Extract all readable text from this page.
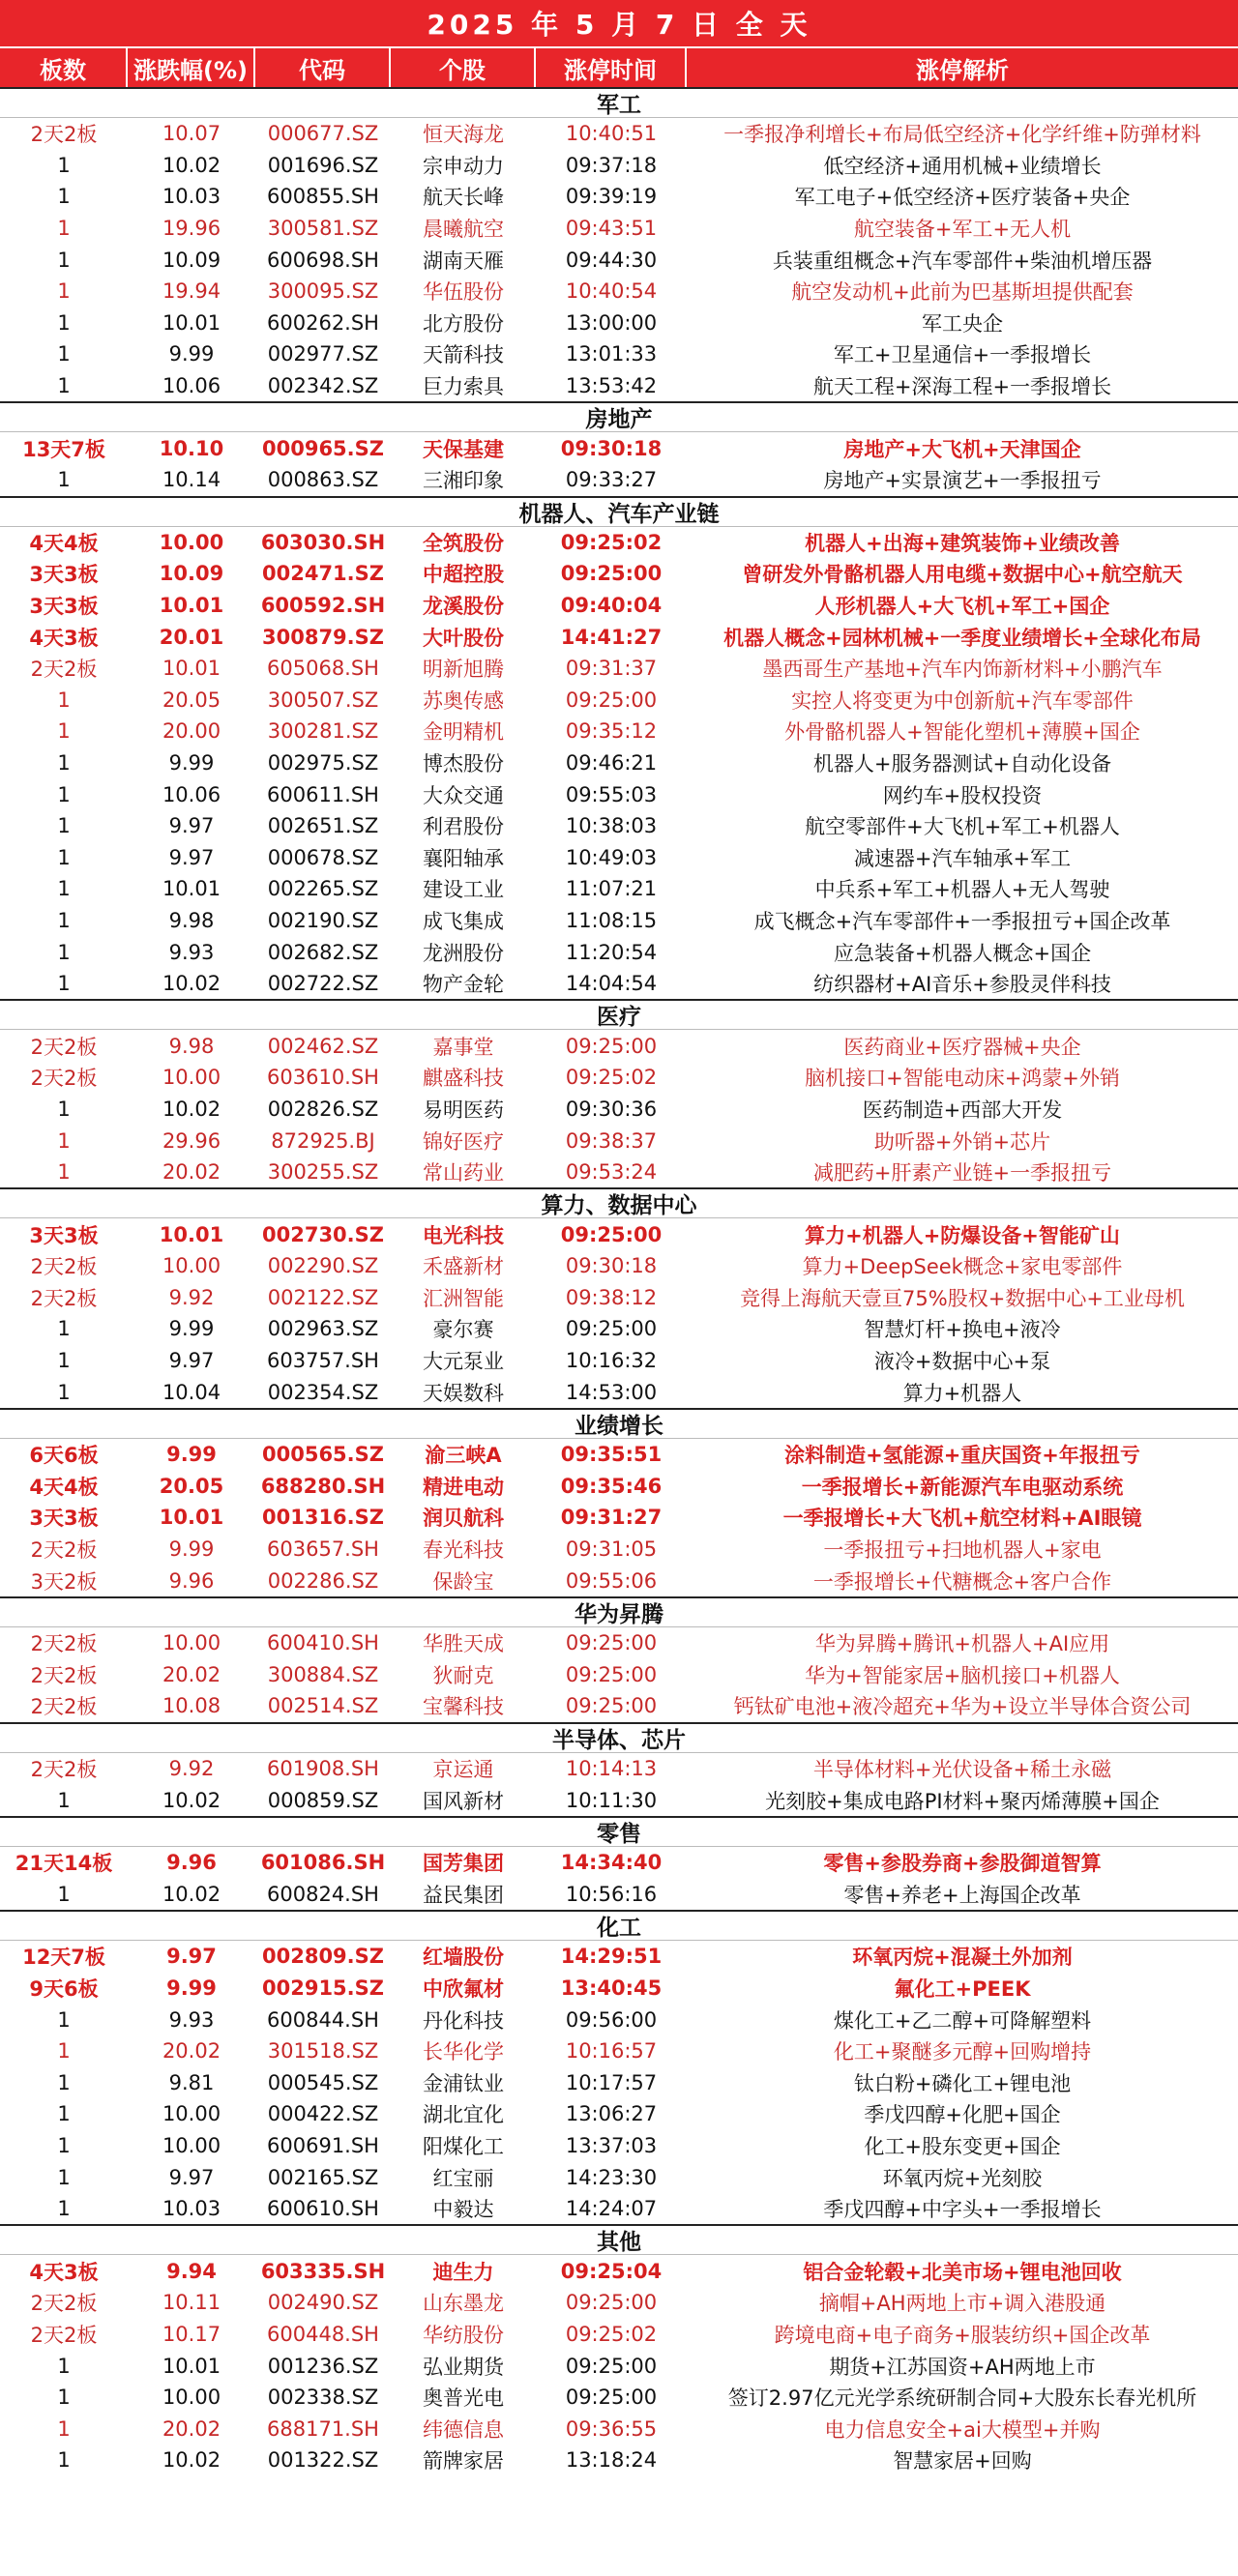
2025 年 5 月 7 日 全 天
板数	涨跌幅(%)	代码	个股	涨停时间	涨停解析
军工
2天2板	10.07	000677.SZ	恒天海龙	10:40:51	一季报净利增长+布局低空经济+化学纤维+防弹材料
1	10.02	001696.SZ	宗申动力	09:37:18	低空经济+通用机械+业绩增长
1	10.03	600855.SH	航天长峰	09:39:19	军工电子+低空经济+医疗装备+央企
1	19.96	300581.SZ	晨曦航空	09:43:51	航空装备+军工+无人机
1	10.09	600698.SH	湖南天雁	09:44:30	兵装重组概念+汽车零部件+柴油机增压器
1	19.94	300095.SZ	华伍股份	10:40:54	航空发动机+此前为巴基斯坦提供配套
1	10.01	600262.SH	北方股份	13:00:00	军工央企
1	9.99	002977.SZ	天箭科技	13:01:33	军工+卫星通信+一季报增长
1	10.06	002342.SZ	巨力索具	13:53:42	航天工程+深海工程+一季报增长
房地产
13天7板	10.10	000965.SZ	天保基建	09:30:18	房地产+大飞机+天津国企
1	10.14	000863.SZ	三湘印象	09:33:27	房地产+实景演艺+一季报扭亏
机器人、汽车产业链
4天4板	10.00	603030.SH	全筑股份	09:25:02	机器人+出海+建筑装饰+业绩改善
3天3板	10.09	002471.SZ	中超控股	09:25:00	曾研发外骨骼机器人用电缆+数据中心+航空航天
3天3板	10.01	600592.SH	龙溪股份	09:40:04	人形机器人+大飞机+军工+国企
4天3板	20.01	300879.SZ	大叶股份	14:41:27	机器人概念+园林机械+一季度业绩增长+全球化布局
2天2板	10.01	605068.SH	明新旭腾	09:31:37	墨西哥生产基地+汽车内饰新材料+小鹏汽车
1	20.05	300507.SZ	苏奥传感	09:25:00	实控人将变更为中创新航+汽车零部件
1	20.00	300281.SZ	金明精机	09:35:12	外骨骼机器人+智能化塑机+薄膜+国企
1	9.99	002975.SZ	博杰股份	09:46:21	机器人+服务器测试+自动化设备
1	10.06	600611.SH	大众交通	09:55:03	网约车+股权投资
1	9.97	002651.SZ	利君股份	10:38:03	航空零部件+大飞机+军工+机器人
1	9.97	000678.SZ	襄阳轴承	10:49:03	减速器+汽车轴承+军工
1	10.01	002265.SZ	建设工业	11:07:21	中兵系+军工+机器人+无人驾驶
1	9.98	002190.SZ	成飞集成	11:08:15	成飞概念+汽车零部件+一季报扭亏+国企改革
1	9.93	002682.SZ	龙洲股份	11:20:54	应急装备+机器人概念+国企
1	10.02	002722.SZ	物产金轮	14:04:54	纺织器材+AI音乐+参股灵伴科技
医疗
2天2板	9.98	002462.SZ	嘉事堂	09:25:00	医药商业+医疗器械+央企
2天2板	10.00	603610.SH	麒盛科技	09:25:02	脑机接口+智能电动床+鸿蒙+外销
1	10.02	002826.SZ	易明医药	09:30:36	医药制造+西部大开发
1	29.96	872925.BJ	锦好医疗	09:38:37	助听器+外销+芯片
1	20.02	300255.SZ	常山药业	09:53:24	减肥药+肝素产业链+一季报扭亏
算力、数据中心
3天3板	10.01	002730.SZ	电光科技	09:25:00	算力+机器人+防爆设备+智能矿山
2天2板	10.00	002290.SZ	禾盛新材	09:30:18	算力+DeepSeek概念+家电零部件
2天2板	9.92	002122.SZ	汇洲智能	09:38:12	竞得上海航天壹亘75%股权+数据中心+工业母机
1	9.99	002963.SZ	豪尔赛	09:25:00	智慧灯杆+换电+液冷
1	9.97	603757.SH	大元泵业	10:16:32	液冷+数据中心+泵
1	10.04	002354.SZ	天娱数科	14:53:00	算力+机器人
业绩增长
6天6板	9.99	000565.SZ	渝三峡A	09:35:51	涂料制造+氢能源+重庆国资+年报扭亏
4天4板	20.05	688280.SH	精进电动	09:35:46	一季报增长+新能源汽车电驱动系统
3天3板	10.01	001316.SZ	润贝航科	09:31:27	一季报增长+大飞机+航空材料+AI眼镜
2天2板	9.99	603657.SH	春光科技	09:31:05	一季报扭亏+扫地机器人+家电
3天2板	9.96	002286.SZ	保龄宝	09:55:06	一季报增长+代糖概念+客户合作
华为昇腾
2天2板	10.00	600410.SH	华胜天成	09:25:00	华为昇腾+腾讯+机器人+AI应用
2天2板	20.02	300884.SZ	狄耐克	09:25:00	华为+智能家居+脑机接口+机器人
2天2板	10.08	002514.SZ	宝馨科技	09:25:00	钙钛矿电池+液冷超充+华为+设立半导体合资公司
半导体、芯片
2天2板	9.92	601908.SH	京运通	10:14:13	半导体材料+光伏设备+稀土永磁
1	10.02	000859.SZ	国风新材	10:11:30	光刻胶+集成电路PI材料+聚丙烯薄膜+国企
零售
21天14板	9.96	601086.SH	国芳集团	14:34:40	零售+参股券商+参股御道智算
1	10.02	600824.SH	益民集团	10:56:16	零售+养老+上海国企改革
化工
12天7板	9.97	002809.SZ	红墙股份	14:29:51	环氧丙烷+混凝土外加剂
9天6板	9.99	002915.SZ	中欣氟材	13:40:45	氟化工+PEEK
1	9.93	600844.SH	丹化科技	09:56:00	煤化工+乙二醇+可降解塑料
1	20.02	301518.SZ	长华化学	10:16:57	化工+聚醚多元醇+回购增持
1	9.81	000545.SZ	金浦钛业	10:17:57	钛白粉+磷化工+锂电池
1	10.00	000422.SZ	湖北宜化	13:06:27	季戊四醇+化肥+国企
1	10.00	600691.SH	阳煤化工	13:37:03	化工+股东变更+国企
1	9.97	002165.SZ	红宝丽	14:23:30	环氧丙烷+光刻胶
1	10.03	600610.SH	中毅达	14:24:07	季戊四醇+中字头+一季报增长
其他
4天3板	9.94	603335.SH	迪生力	09:25:04	铝合金轮毂+北美市场+锂电池回收
2天2板	10.11	002490.SZ	山东墨龙	09:25:00	摘帽+AH两地上市+调入港股通
2天2板	10.17	600448.SH	华纺股份	09:25:02	跨境电商+电子商务+服装纺织+国企改革
1	10.01	001236.SZ	弘业期货	09:25:00	期货+江苏国资+AH两地上市
1	10.00	002338.SZ	奥普光电	09:25:00	签订2.97亿元光学系统研制合同+大股东长春光机所
1	20.02	688171.SH	纬德信息	09:36:55	电力信息安全+ai大模型+并购
1	10.02	001322.SZ	箭牌家居	13:18:24	智慧家居+回购
